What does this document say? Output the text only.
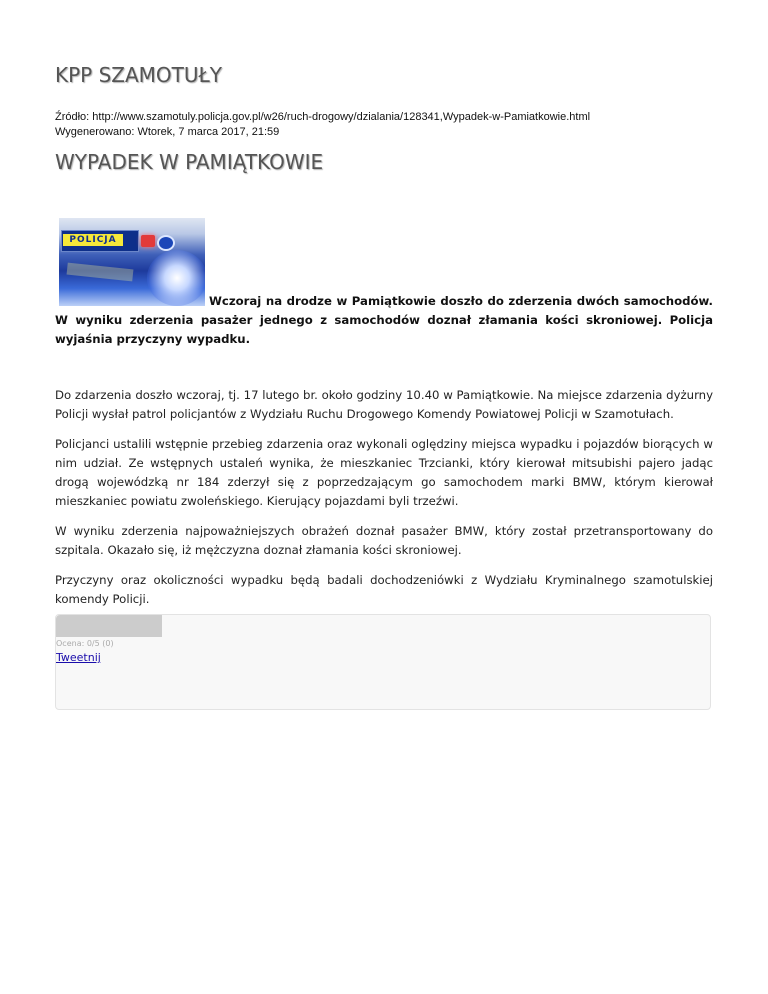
KPP SZAMOTUŁY
Źródło: http://www.szamotuly.policja.gov.pl/w26/ruch-drogowy/dzialania/128341,Wypadek-w-Pamiatkowie.html
Wygenerowano: Wtorek, 7 marca 2017, 21:59
WYPADEK W PAMIĄTKOWIE
POLICJA

Wczoraj na drodze w Pamiątkowie doszło do zderzenia dwóch samochodów. W wyniku zderzenia pasażer jednego z samochodów doznał złamania kości skroniowej. Policja wyjaśnia przyczyny wypadku.

Do zdarzenia doszło wczoraj, tj. 17 lutego br. około godziny 10.40 w Pamiątkowie. Na miejsce zdarzenia dyżurny Policji wysłał patrol policjantów z Wydziału Ruchu Drogowego Komendy Powiatowej Policji w Szamotułach.

Policjanci ustalili wstępnie przebieg zdarzenia oraz wykonali oględziny miejsca wypadku i pojazdów biorących w nim udział. Ze wstępnych ustaleń wynika, że mieszkaniec Trzcianki, który kierował mitsubishi pajero jadąc drogą wojewódzką nr 184 zderzył się z poprzedzającym go samochodem marki BMW, którym kierował mieszkaniec powiatu zwoleńskiego. Kierujący pojazdami byli trzeźwi.

W wyniku zderzenia najpoważniejszych obrażeń doznał pasażer BMW, który został przetransportowany do szpitala. Okazało się, iż mężczyzna doznał złamania kości skroniowej.

Przyczyny oraz okoliczności wypadku będą badali dochodzeniówki z Wydziału Kryminalnego szamotulskiej komendy Policji.

Ocena: 0/5 (0)
Tweetnij
